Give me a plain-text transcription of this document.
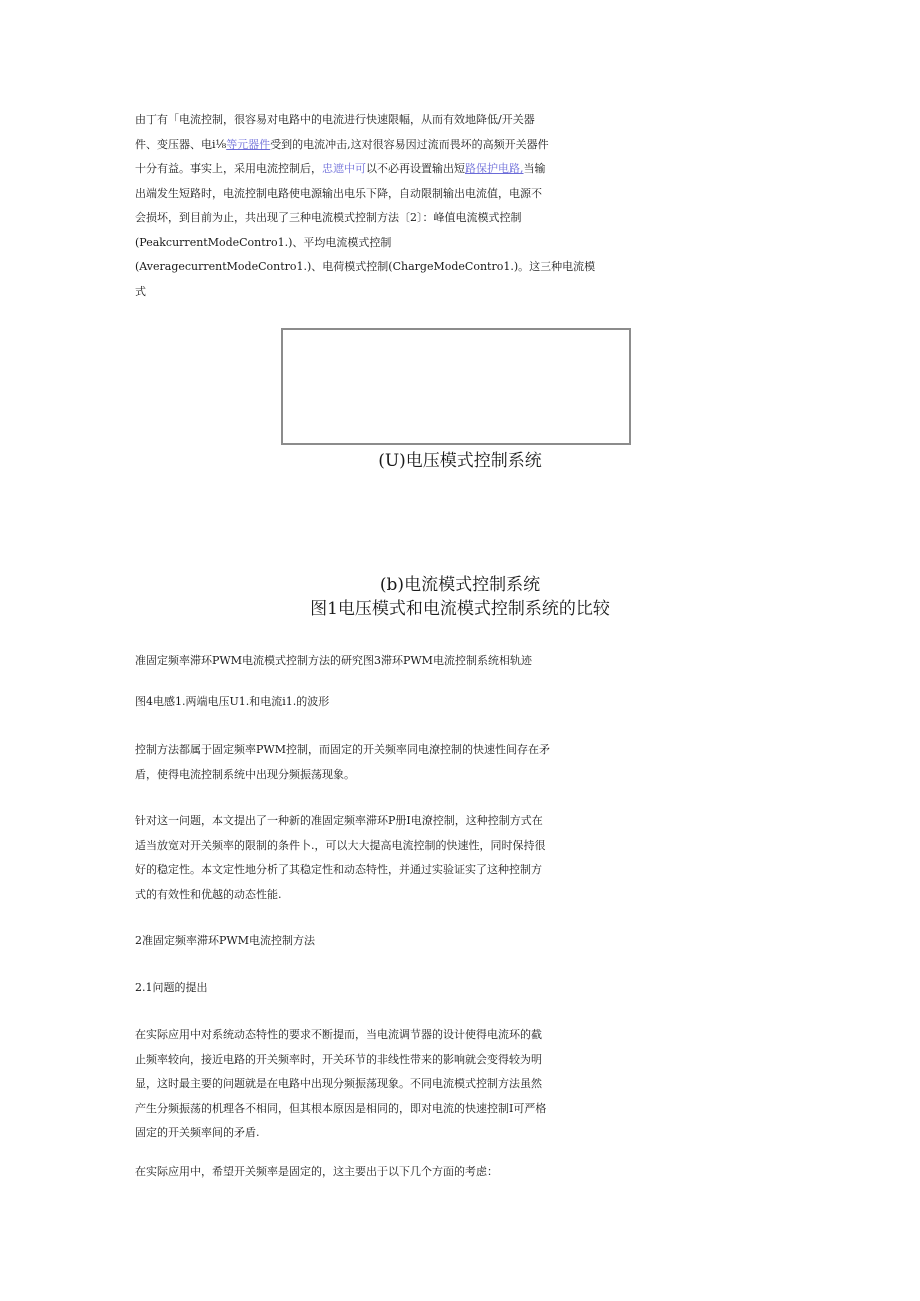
由丁有「电流控制，很容易对电路中的电流进行快速限幅，从而有效地降低/开关器
件、变压器、电i⅛等元器件受到的电流冲击,这对很容易因过流而畏坏的高频开关器件
十分有益。事实上，采用电流控制后，忠遮中可以不必再设置输出短路保护电路,当输
出端发生短路时，电流控制电路使电源输出电乐下降，自动限制输出电流值，电源不
会损坏，到目前为止，共出现了三种电流模式控制方法〔2〕：峰值电流模式控制
(PeakcurrentModeContro1.)、平均电流模式控制
(AveragecurrentModeContro1.)、电荷模式控制(ChargeModeContro1.)。这三种电流模
式

(U)电压模式控制系统

(b)电流模式控制系统

图1电压模式和电流模式控制系统的比较

准固定频率滞环PWM电流模式控制方法的研究图3滞环PWM电流控制系统相轨迹

图4电感1.两端电压U1.和电流i1.的波形

控制方法都属于固定频率PWM控制，而固定的开关频率同电潦控制的快速性间存在矛
盾，使得电流控制系统中出现分频振荡现象。
针对这一问题，本文提出了一种新的准固定频率滞环P册I电潦控制，这种控制方式在
适当放宽对开关频率的限制的条件卜.，可以大大提高电流控制的快速性，同时保持很
好的稳定性。本文定性地分析了其稳定性和动态特性，并通过实验证实了这种控制方
式的有效性和优越的动态性能.

2准固定频率滞环PWM电流控制方法

2.1问题的提出

在实际应用中对系统动态特性的要求不断提而，当电流调节器的设计使得电流环的截
止频率较向，接近电路的开关频率时，开关环节的非线性带来的影响就会变得较为明
显，这时最主要的问题就是在电路中出现分频振荡现象。不同电流模式控制方法虽然
产生分频振荡的机理各不相同，但其根本原因是相同的，即对电流的快速控制I可严格
固定的开关频率间的矛盾.

在实际应用中，希望开关频率是固定的，这主要出于以下几个方面的考虑：
